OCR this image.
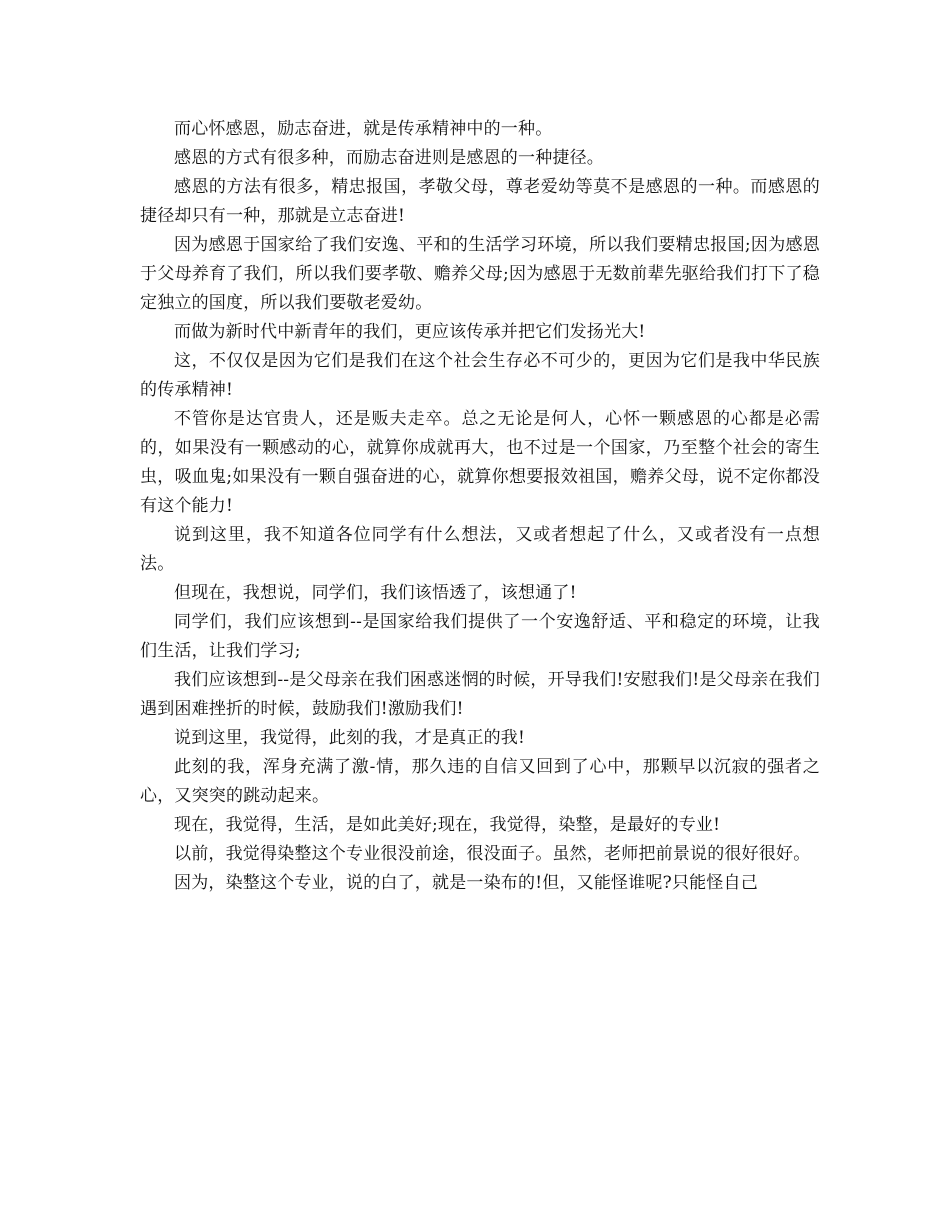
而心怀感恩，励志奋进，就是传承精神中的一种。

感恩的方式有很多种，而励志奋进则是感恩的一种捷径。

感恩的方法有很多，精忠报国，孝敬父母，尊老爱幼等莫不是感恩的一种。而感恩的捷径却只有一种，那就是立志奋进!

因为感恩于国家给了我们安逸、平和的生活学习环境，所以我们要精忠报国;因为感恩于父母养育了我们，所以我们要孝敬、赡养父母;因为感恩于无数前辈先驱给我们打下了稳定独立的国度，所以我们要敬老爱幼。

而做为新时代中新青年的我们，更应该传承并把它们发扬光大!

这，不仅仅是因为它们是我们在这个社会生存必不可少的，更因为它们是我中华民族的传承精神!

不管你是达官贵人，还是贩夫走卒。总之无论是何人，心怀一颗感恩的心都是必需的，如果没有一颗感动的心，就算你成就再大，也不过是一个国家，乃至整个社会的寄生虫，吸血鬼;如果没有一颗自强奋进的心，就算你想要报效祖国，赡养父母，说不定你都没有这个能力!

说到这里，我不知道各位同学有什么想法，又或者想起了什么，又或者没有一点想法。

但现在，我想说，同学们，我们该悟透了，该想通了!

同学们，我们应该想到--是国家给我们提供了一个安逸舒适、平和稳定的环境，让我们生活，让我们学习;

我们应该想到--是父母亲在我们困惑迷惘的时候，开导我们!安慰我们!是父母亲在我们遇到困难挫折的时候，鼓励我们!激励我们!

说到这里，我觉得，此刻的我，才是真正的我!

此刻的我，浑身充满了激-情，那久违的自信又回到了心中，那颗早以沉寂的强者之心，又突突的跳动起来。

现在，我觉得，生活，是如此美好;现在，我觉得，染整，是最好的专业!

以前，我觉得染整这个专业很没前途，很没面子。虽然，老师把前景说的很好很好。

因为，染整这个专业，说的白了，就是一染布的!但，又能怪谁呢?只能怪自己
